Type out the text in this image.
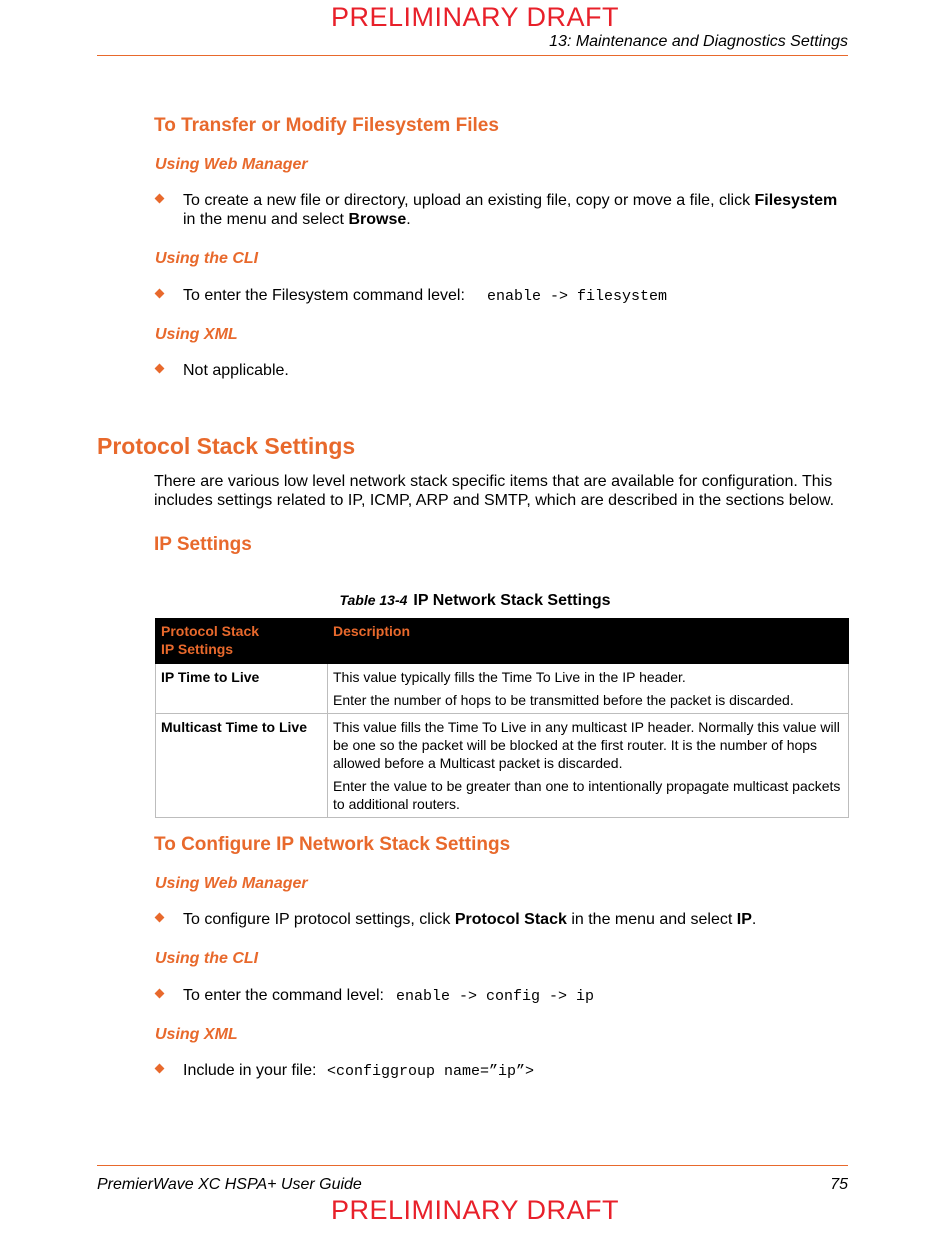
PRELIMINARY DRAFT
13: Maintenance and Diagnostics Settings
To Transfer or Modify Filesystem Files
Using Web Manager
To create a new file or directory, upload an existing file, copy or move a file, click Filesystem
in the menu and select Browse.
Using the CLI
To enter the Filesystem command level: enable -> filesystem
Using XML
Not applicable.
Protocol Stack Settings
There are various low level network stack specific items that are available for configuration. This
includes settings related to IP, ICMP, ARP and SMTP, which are described in the sections below.
IP Settings
Table 13-4 IP Network Stack Settings
Protocol Stack
IP Settings	Description
IP Time to Live	This value typically fills the Time To Live in the IP header.

Enter the number of hops to be transmitted before the packet is discarded.

Multicast Time to Live	This value fills the Time To Live in any multicast IP header. Normally this value will be one so the packet will be blocked at the first router. It is the number of hops allowed before a Multicast packet is discarded.

Enter the value to be greater than one to intentionally propagate multicast packets to additional routers.

To Configure IP Network Stack Settings
Using Web Manager
To configure IP protocol settings, click Protocol Stack in the menu and select IP.
Using the CLI
To enter the command level: enable -> config -> ip
Using XML
Include in your file: <configgroup name=”ip”>
PremierWave XC HSPA+ User Guide	75
PRELIMINARY DRAFT
